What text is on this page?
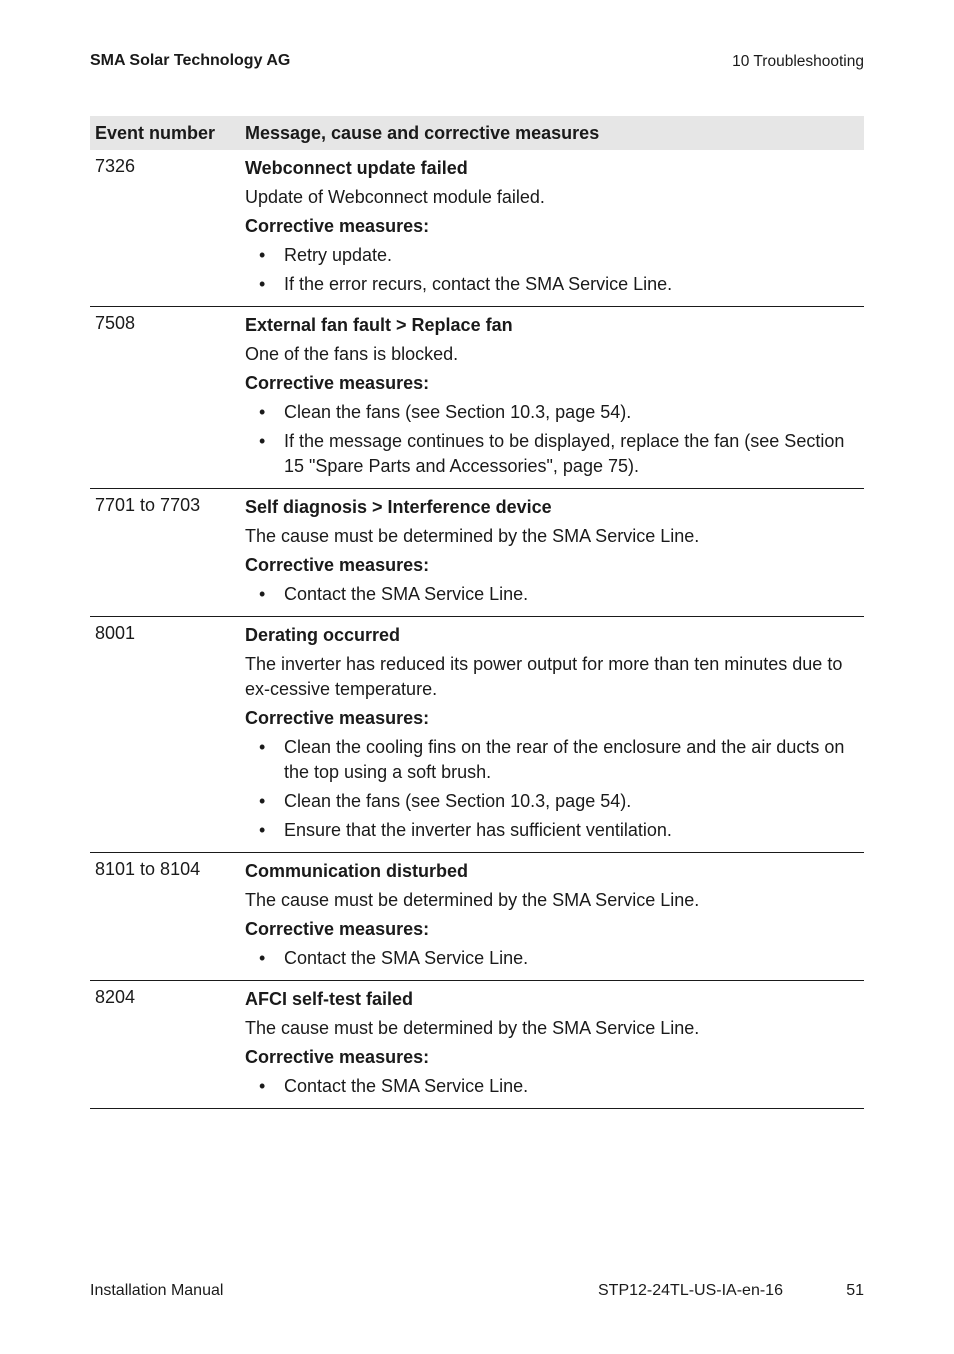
SMA Solar Technology AG	10 Troubleshooting
Event number	Message, cause and corrective measures
7326	Webconnect update failed
Update of Webconnect module failed.
Corrective measures:
• Retry update.
• If the error recurs, contact the SMA Service Line.
7508	External fan fault > Replace fan
One of the fans is blocked.
Corrective measures:
• Clean the fans (see Section 10.3, page 54).
• If the message continues to be displayed, replace the fan (see Section 15 "Spare Parts and Accessories", page 75).
7701 to 7703	Self diagnosis > Interference device
The cause must be determined by the SMA Service Line.
Corrective measures:
• Contact the SMA Service Line.
8001	Derating occurred
The inverter has reduced its power output for more than ten minutes due to ex-cessive temperature.
Corrective measures:
• Clean the cooling fins on the rear of the enclosure and the air ducts on the top using a soft brush.
• Clean the fans (see Section 10.3, page 54).
• Ensure that the inverter has sufficient ventilation.
8101 to 8104	Communication disturbed
The cause must be determined by the SMA Service Line.
Corrective measures:
• Contact the SMA Service Line.
8204	AFCI self-test failed
The cause must be determined by the SMA Service Line.
Corrective measures:
• Contact the SMA Service Line.
Installation Manual	STP12-24TL-US-IA-en-16	51
